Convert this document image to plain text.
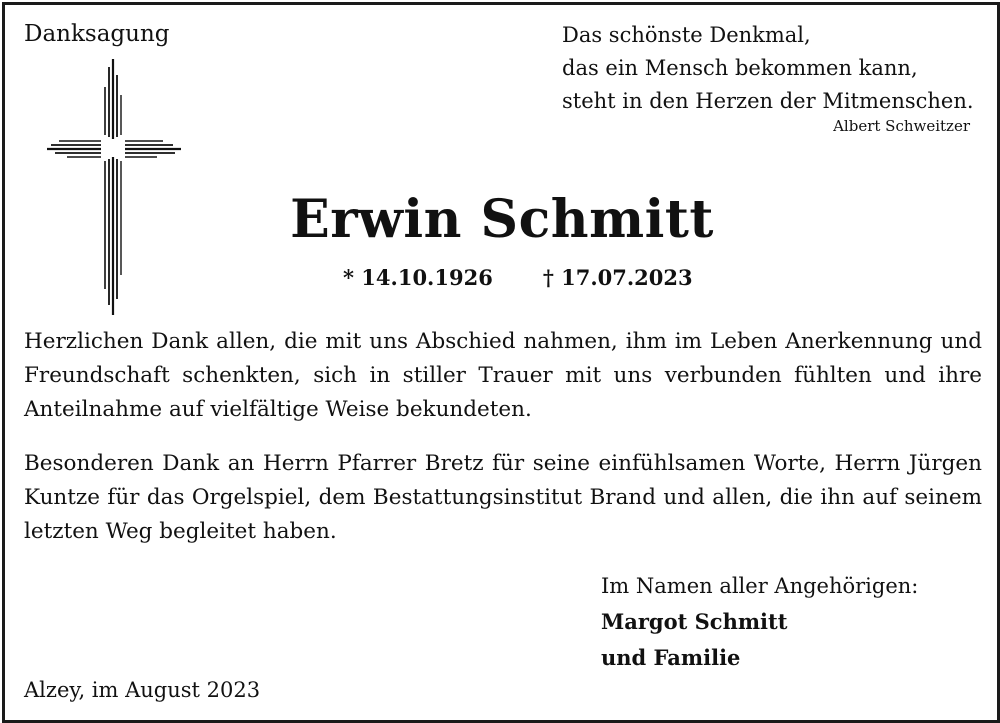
Danksagung	Das schönste Denkmal,
das ein Mensch bekommen kann,
steht in den Herzen der Mitmenschen.
Albert Schweitzer
Erwin Schmitt
* 14.10.1926 † 17.07.2023
Herzlichen Dank allen, die mit uns Abschied nahmen, ihm im Leben Anerkennung und Freundschaft schenkten, sich in stiller Trauer mit uns verbunden fühlten und ihre Anteilnahme auf vielfältige Weise bekundeten.
Besonderen Dank an Herrn Pfarrer Bretz für seine einfühlsamen Worte, Herrn Jürgen Kuntze für das Orgelspiel, dem Bestattungsinstitut Brand und allen, die ihn auf seinem letzten Weg begleitet haben.
Im Namen aller Angehörigen:
Margot Schmitt
und Familie
Alzey, im August 2023
